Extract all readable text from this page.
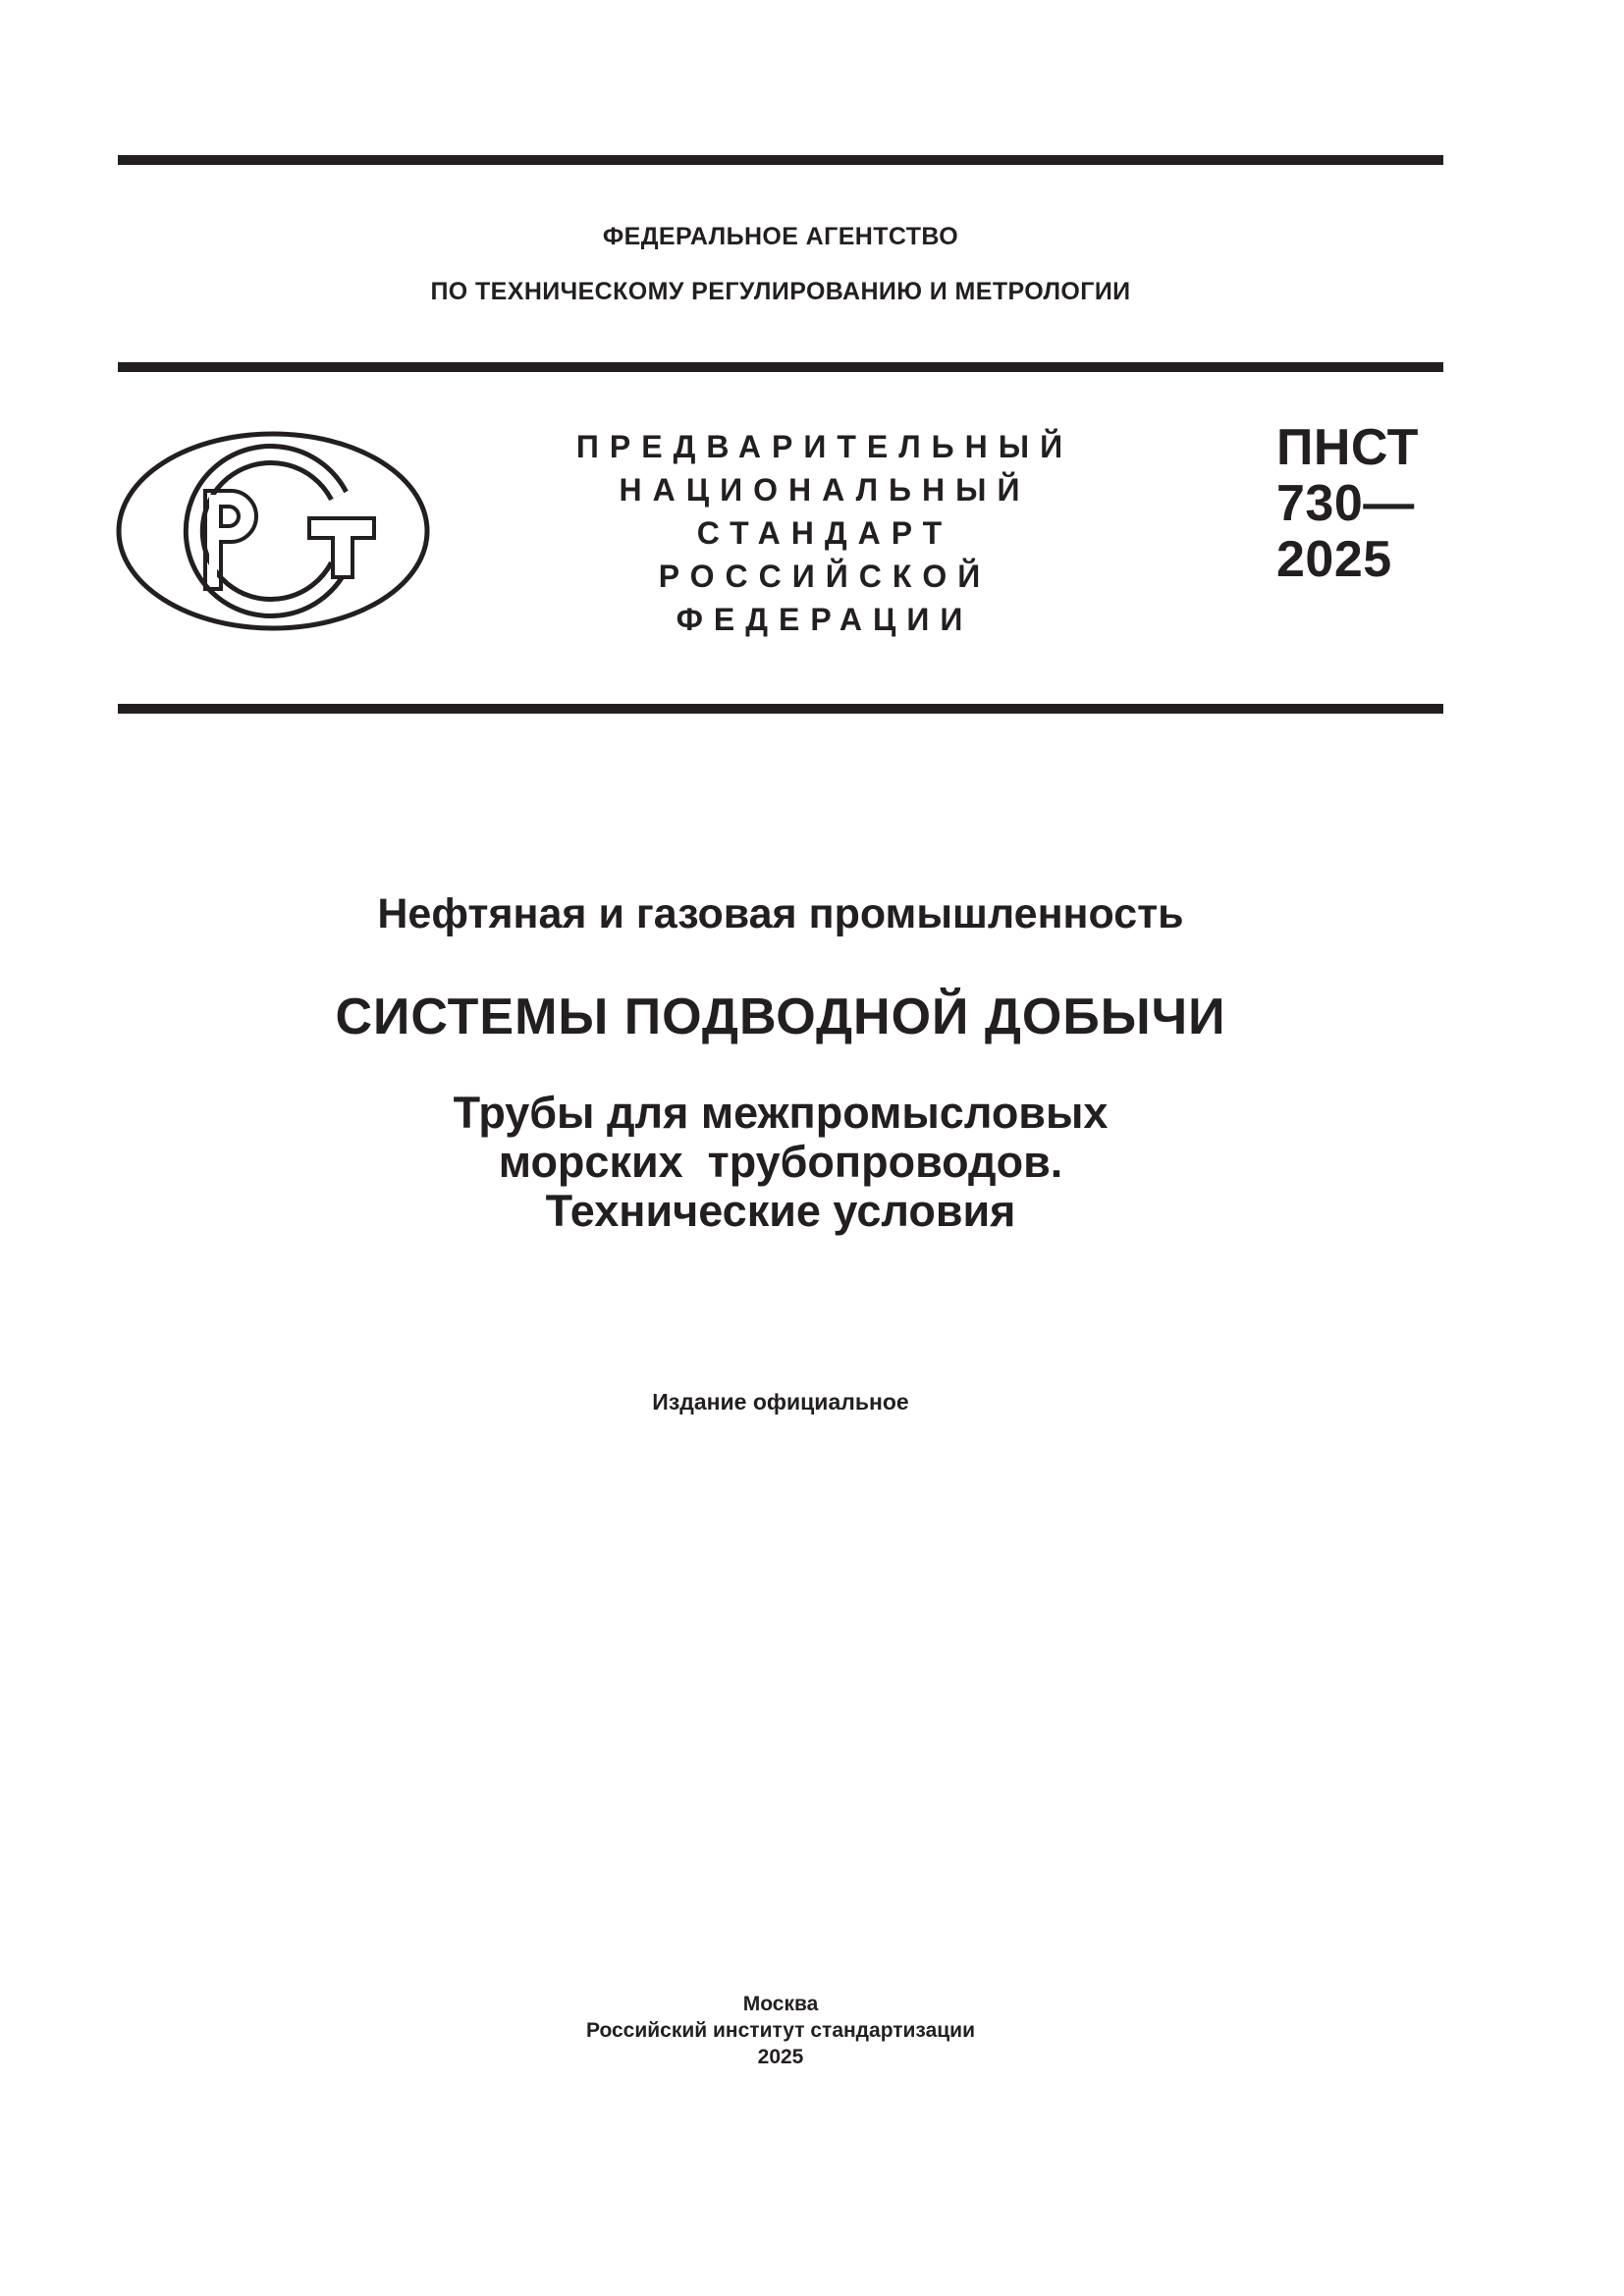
ФЕДЕРАЛЬНОЕ АГЕНТСТВО
ПО ТЕХНИЧЕСКОМУ РЕГУЛИРОВАНИЮ И МЕТРОЛОГИИ
ПРЕДВАРИТЕЛЬНЫЙ
НАЦИОНАЛЬНЫЙ
СТАНДАРТ
РОССИЙСКОЙ
ФЕДЕРАЦИИ
ПНСТ
730—
2025
Нефтяная и газовая промышленность
СИСТЕМЫ ПОДВОДНОЙ ДОБЫЧИ
Трубы для межпромысловых
морских  трубопроводов.
Технические условия
Издание официальное
Москва
Российский институт стандартизации
2025
